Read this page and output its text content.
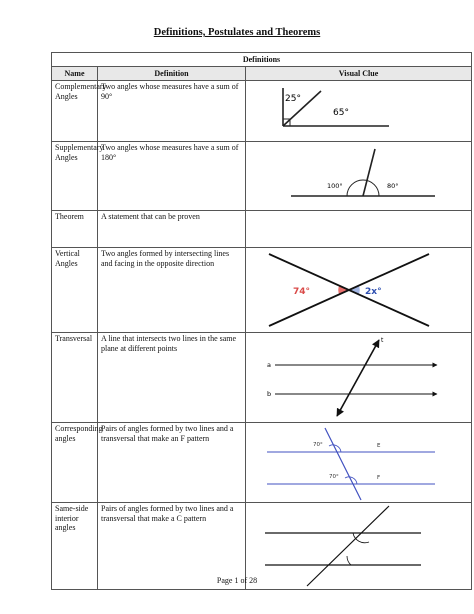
Definitions, Postulates and Theorems
Definitions		
Name	Definition	Visual Clue
Complementary Angles	Two angles whose measures have a sum of 90°	25°
65°

Supplementary Angles	Two angles whose measures have a sum of 180°	100° 80°

Theorem	A statement that can be proven	
Vertical Angles	Two angles formed by intersecting lines and facing in the opposite direction	74° 2x°

Transversal	A line that intersects two lines in the same plane at different points	t
a
b

Corresponding angles	Pairs of angles formed by two lines and a transversal that make an F pattern	70° E
70° F

Same-side interior angles	Pairs of angles formed by two lines and a transversal that make a C pattern	
Page 1 of 28
